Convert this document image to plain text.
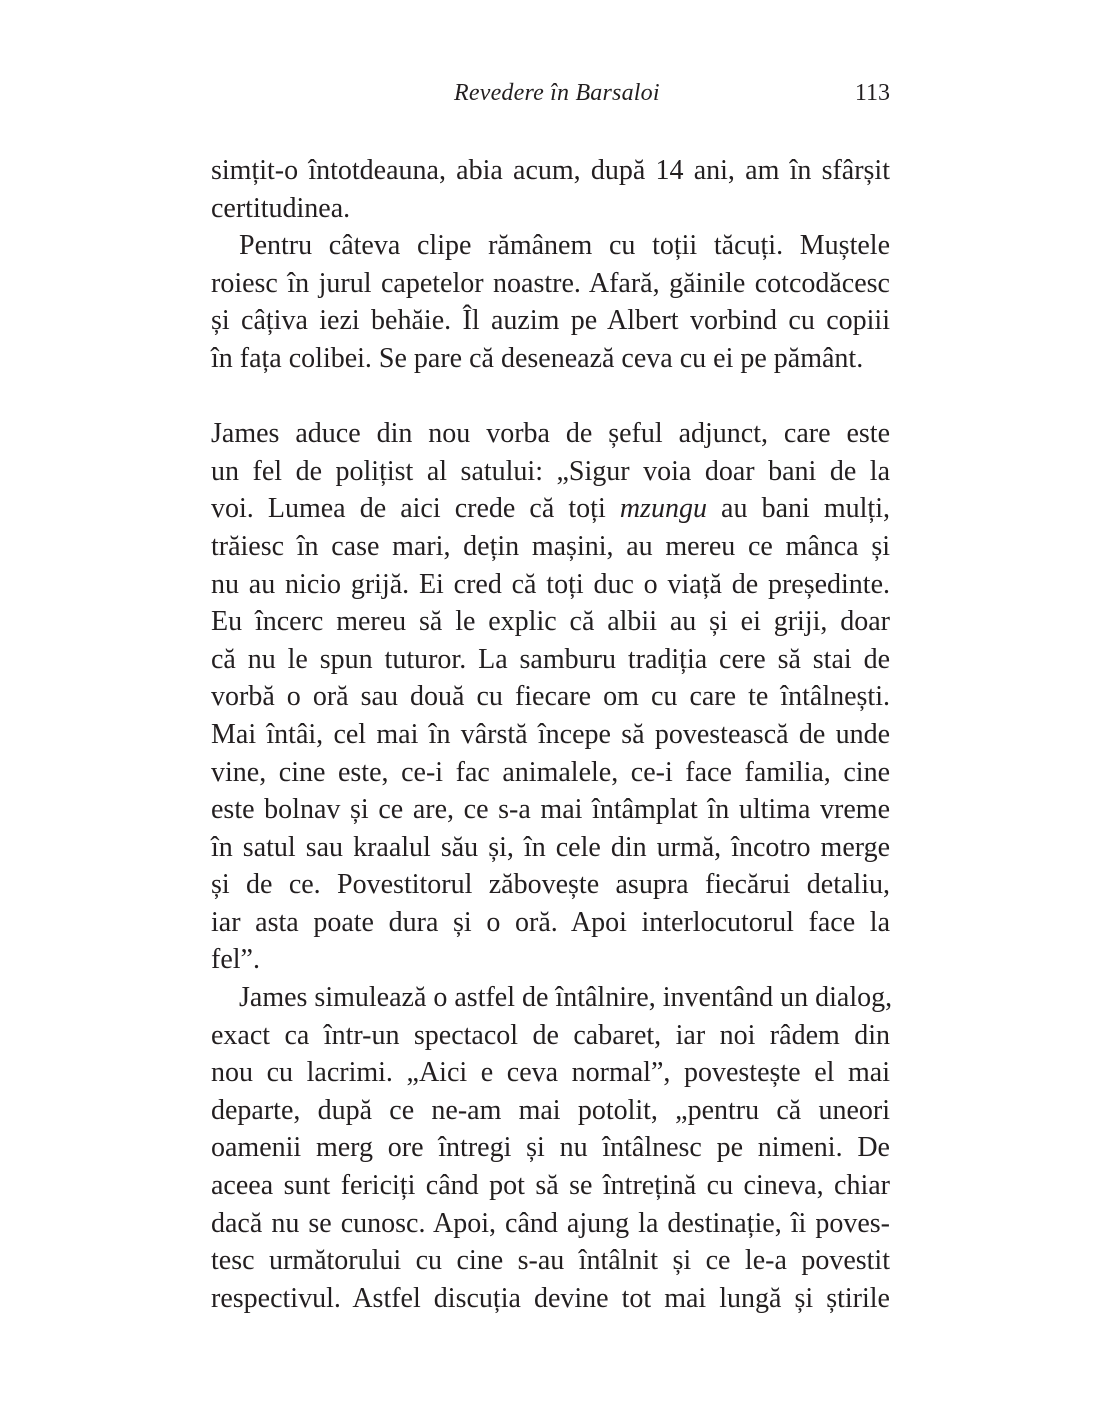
Revedere în Barsaloi	113
simțit-o întotdeauna, abia acum, după 14 ani, am în sfârșit
certitudinea.
Pentru câteva clipe rămânem cu toții tăcuți. Muștele
roiesc în jurul capetelor noastre. Afară, găinile cotcodăcesc
și câțiva iezi behăie. Îl auzim pe Albert vorbind cu copiii
în fața colibei. Se pare că desenează ceva cu ei pe pământ.
James aduce din nou vorba de șeful adjunct, care este
un fel de polițist al satului: „Sigur voia doar bani de la
voi. Lumea de aici crede că toți mzungu au bani mulți,
trăiesc în case mari, dețin mașini, au mereu ce mânca și
nu au nicio grijă. Ei cred că toți duc o viață de președinte.
Eu încerc mereu să le explic că albii au și ei griji, doar
că nu le spun tuturor. La samburu tradiția cere să stai de
vorbă o oră sau două cu fiecare om cu care te întâlnești.
Mai întâi, cel mai în vârstă începe să povestească de unde
vine, cine este, ce-i fac animalele, ce-i face familia, cine
este bolnav și ce are, ce s-a mai întâmplat în ultima vreme
în satul sau kraalul său și, în cele din urmă, încotro merge
și de ce. Povestitorul zăbovește asupra fiecărui detaliu,
iar asta poate dura și o oră. Apoi interlocutorul face la
fel”.
James simulează o astfel de întâlnire, inventând un dialog,
exact ca într-un spectacol de cabaret, iar noi râdem din
nou cu lacrimi. „Aici e ceva normal”, povestește el mai
departe, după ce ne-am mai potolit, „pentru că uneori
oamenii merg ore întregi și nu întâlnesc pe nimeni. De
aceea sunt fericiți când pot să se întrețină cu cineva, chiar
dacă nu se cunosc. Apoi, când ajung la destinație, îi poves-
tesc următorului cu cine s-au întâlnit și ce le-a povestit
respectivul. Astfel discuția devine tot mai lungă și știrile
